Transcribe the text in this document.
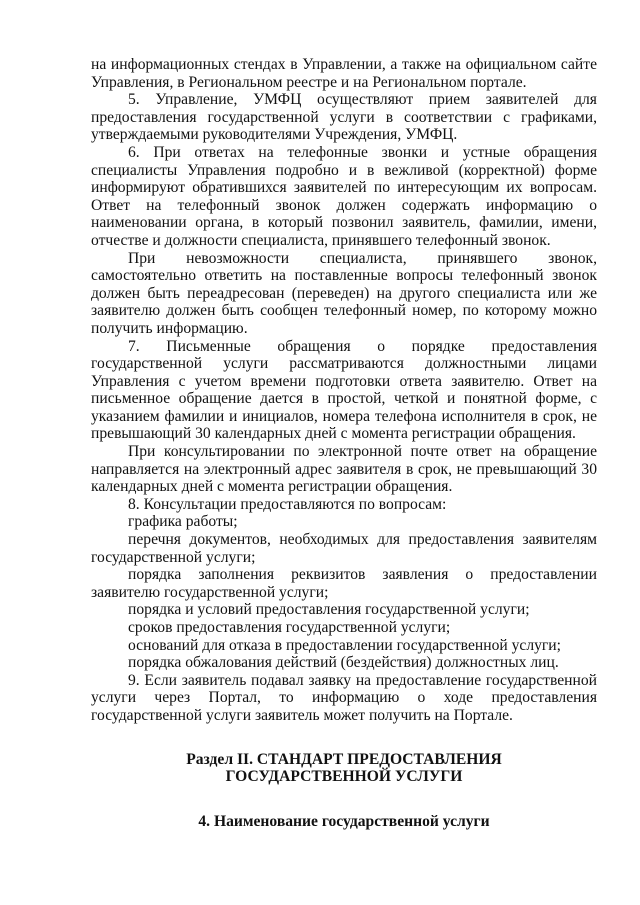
на информационных стендах в Управлении, а также на официальном сайте Управления, в Региональном реестре и на Региональном портале.

5. Управление, УМФЦ осуществляют прием заявителей для предоставления государственной услуги в соответствии с графиками, утверждаемыми руководителями Учреждения, УМФЦ.

6. При ответах на телефонные звонки и устные обращения специалисты Управления подробно и в вежливой (корректной) форме информируют обратившихся заявителей по интересующим их вопросам. Ответ на телефонный звонок должен содержать информацию о наименовании органа, в который позвонил заявитель, фамилии, имени, отчестве и должности специалиста, принявшего телефонный звонок.

При невозможности специалиста, принявшего звонок, самостоятельно ответить на поставленные вопросы телефонный звонок должен быть переадресован (переведен) на другого специалиста или же заявителю должен быть сообщен телефонный номер, по которому можно получить информацию.

7. Письменные обращения о порядке предоставления государственной услуги рассматриваются должностными лицами Управления с учетом времени подготовки ответа заявителю. Ответ на письменное обращение дается в простой, четкой и понятной форме, с указанием фамилии и инициалов, номера телефона исполнителя в срок, не превышающий 30 календарных дней с момента регистрации обращения.

При консультировании по электронной почте ответ на обращение направляется на электронный адрес заявителя в срок, не превышающий 30 календарных дней с момента регистрации обращения.

8. Консультации предоставляются по вопросам:

графика работы;

перечня документов, необходимых для предоставления заявителям государственной услуги;

порядка заполнения реквизитов заявления о предоставлении заявителю государственной услуги;

порядка и условий предоставления государственной услуги;

сроков предоставления государственной услуги;

оснований для отказа в предоставлении государственной услуги;

порядка обжалования действий (бездействия) должностных лиц.

9. Если заявитель подавал заявку на предоставление государственной услуги через Портал, то информацию о ходе предоставления государственной услуги заявитель может получить на Портале.

Раздел II. СТАНДАРТ ПРЕДОСТАВЛЕНИЯ
ГОСУДАРСТВЕННОЙ УСЛУГИ

4. Наименование государственной услуги
